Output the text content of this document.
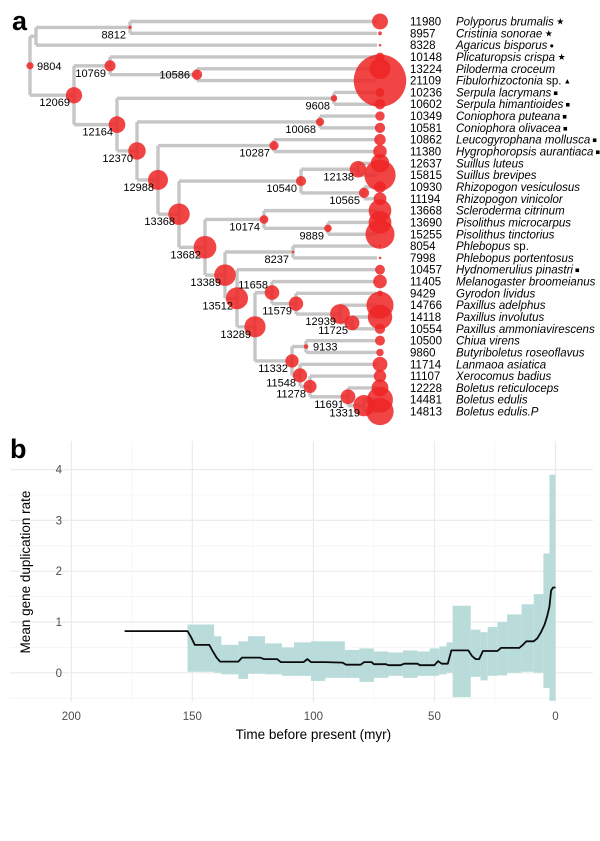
9804
8812
12069
10769	10586
12164
9608
12370
10068
12988
10287
13368
10540
12138
10565
13682
10174
9889
13389
8237
13512
13289
11658
11579
12939
11725
11332
9133
11548
11278
11691
13319
11980 Polyporus brumalis ★
8957 Cristinia sonorae ★
8328 Agaricus bisporus ●
10148 Plicaturopsis crispa ★
13224 Piloderma croceum
21109 Fibulorhizoctonia sp. ▲
10236 Serpula lacrymans ■
10602 Serpula himantioides ■
10349 Coniophora puteana ■
10581 Coniophora olivacea ■
10862 Leucogyrophana mollusca ■
11380 Hygrophoropsis aurantiaca ■
12637 Suillus luteus
15815 Suillus brevipes
10930 Rhizopogon vesiculosus
11194 Rhizopogon vinicolor
13668 Scleroderma citrinum
13690 Pisolithus microcarpus
15255 Pisolithus tinctorius
8054 Phlebopus sp.
7998 Phlebopus portentosus
10457 Hydnomerulius pinastri ■
11405 Melanogaster broomeianus
9429 Gyrodon lividus
14766 Paxillus adelphus
14118 Paxillus involutus
10554 Paxillus ammoniavirescens
10500 Chiua virens
9860 Butyriboletus roseoflavus
11714 Lanmaoa asiatica
11107 Xerocomus badius
12228 Boletus reticuloceps
14481 Boletus edulis
14813 Boletus edulis.P
200	150	100	50	0
0
1
2
3
4
Time before present (myr)
Mean gene duplication rate
a
b
